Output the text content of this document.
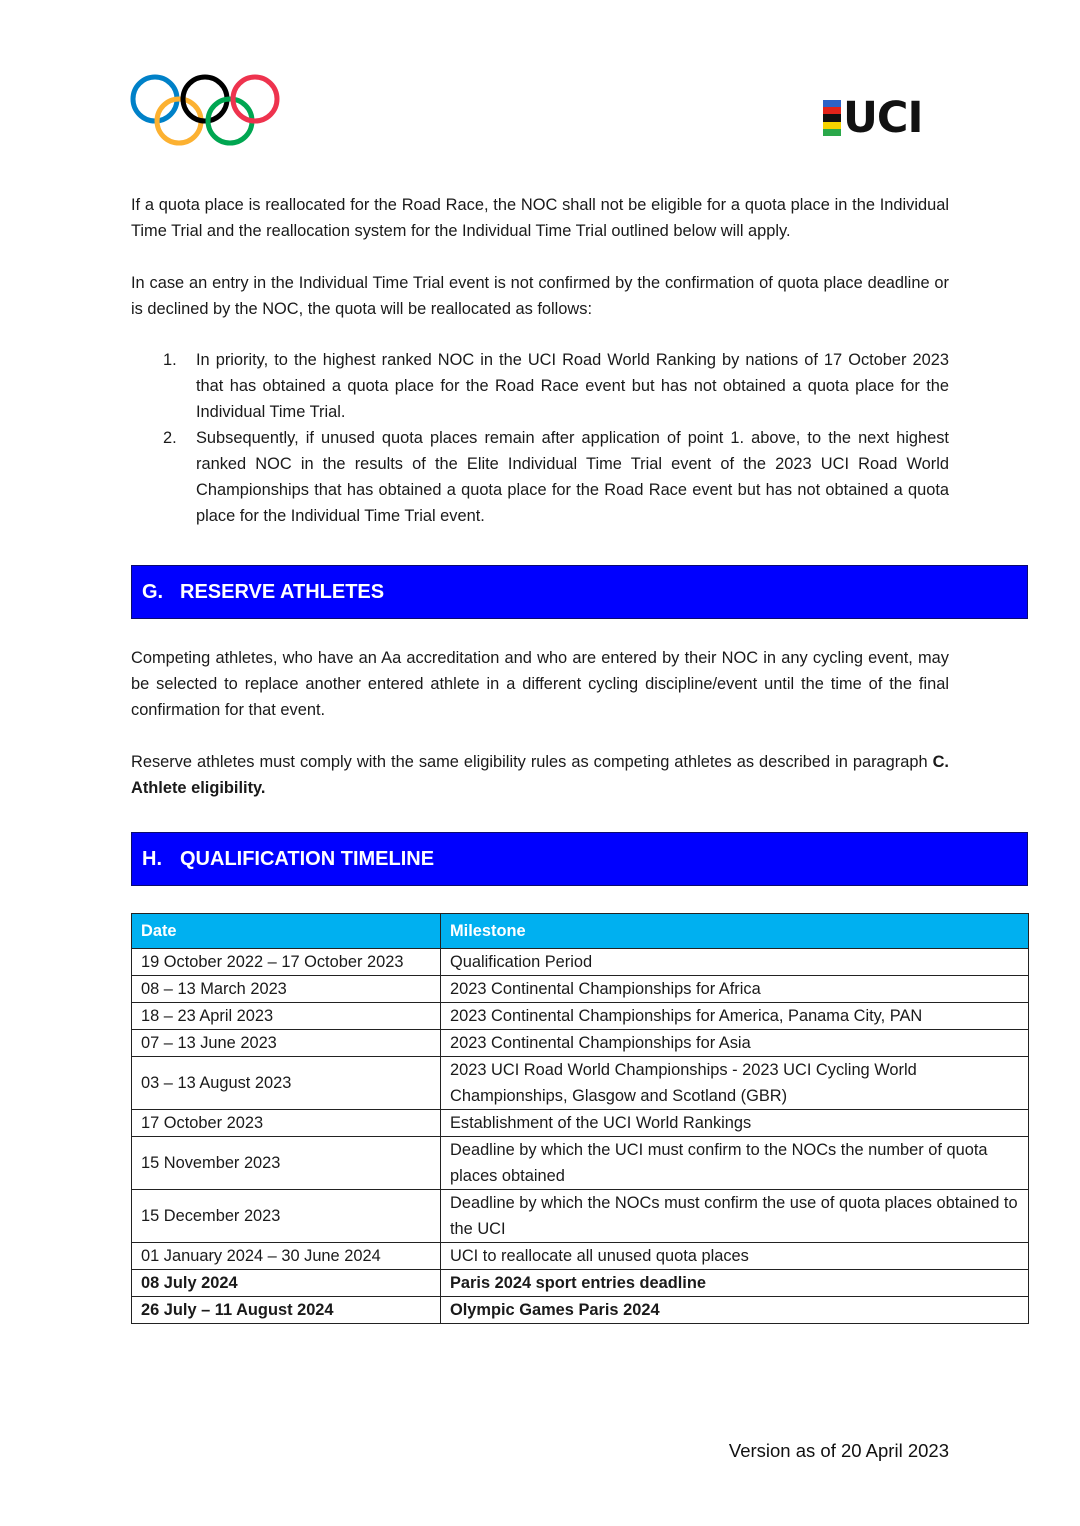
UCI

If a quota place is reallocated for the Road Race, the NOC shall not be eligible for a quota place in the Individual Time Trial and the reallocation system for the Individual Time Trial outlined below will apply.

In case an entry in the Individual Time Trial event is not confirmed by the confirmation of quota place deadline or is declined by the NOC, the quota will be reallocated as follows:

1. In priority, to the highest ranked NOC in the UCI Road World Ranking by nations of 17 October 2023 that has obtained a quota place for the Road Race event but has not obtained a quota place for the Individual Time Trial.
2. Subsequently, if unused quota places remain after application of point 1. above, to the next highest ranked NOC in the results of the Elite Individual Time Trial event of the 2023 UCI Road World Championships that has obtained a quota place for the Road Race event but has not obtained a quota place for the Individual Time Trial event.
G. RESERVE ATHLETES

Competing athletes, who have an Aa accreditation and who are entered by their NOC in any cycling event, may be selected to replace another entered athlete in a different cycling discipline/event until the time of the final confirmation for that event.

Reserve athletes must comply with the same eligibility rules as competing athletes as described in paragraph C. Athlete eligibility.

H. QUALIFICATION TIMELINE
Date	Milestone
19 October 2022 – 17 October 2023	Qualification Period
08 – 13 March 2023	2023 Continental Championships for Africa
18 – 23 April 2023	2023 Continental Championships for America, Panama City, PAN
07 – 13 June 2023	2023 Continental Championships for Asia
03 – 13 August 2023	2023 UCI Road World Championships - 2023 UCI Cycling World Championships, Glasgow and Scotland (GBR)
17 October 2023	Establishment of the UCI World Rankings
15 November 2023	Deadline by which the UCI must confirm to the NOCs the number of quota places obtained
15 December 2023	Deadline by which the NOCs must confirm the use of quota places obtained to the UCI
01 January 2024 – 30 June 2024	UCI to reallocate all unused quota places
08 July 2024	Paris 2024 sport entries deadline
26 July – 11 August 2024	Olympic Games Paris 2024
Version as of 20 April 2023
